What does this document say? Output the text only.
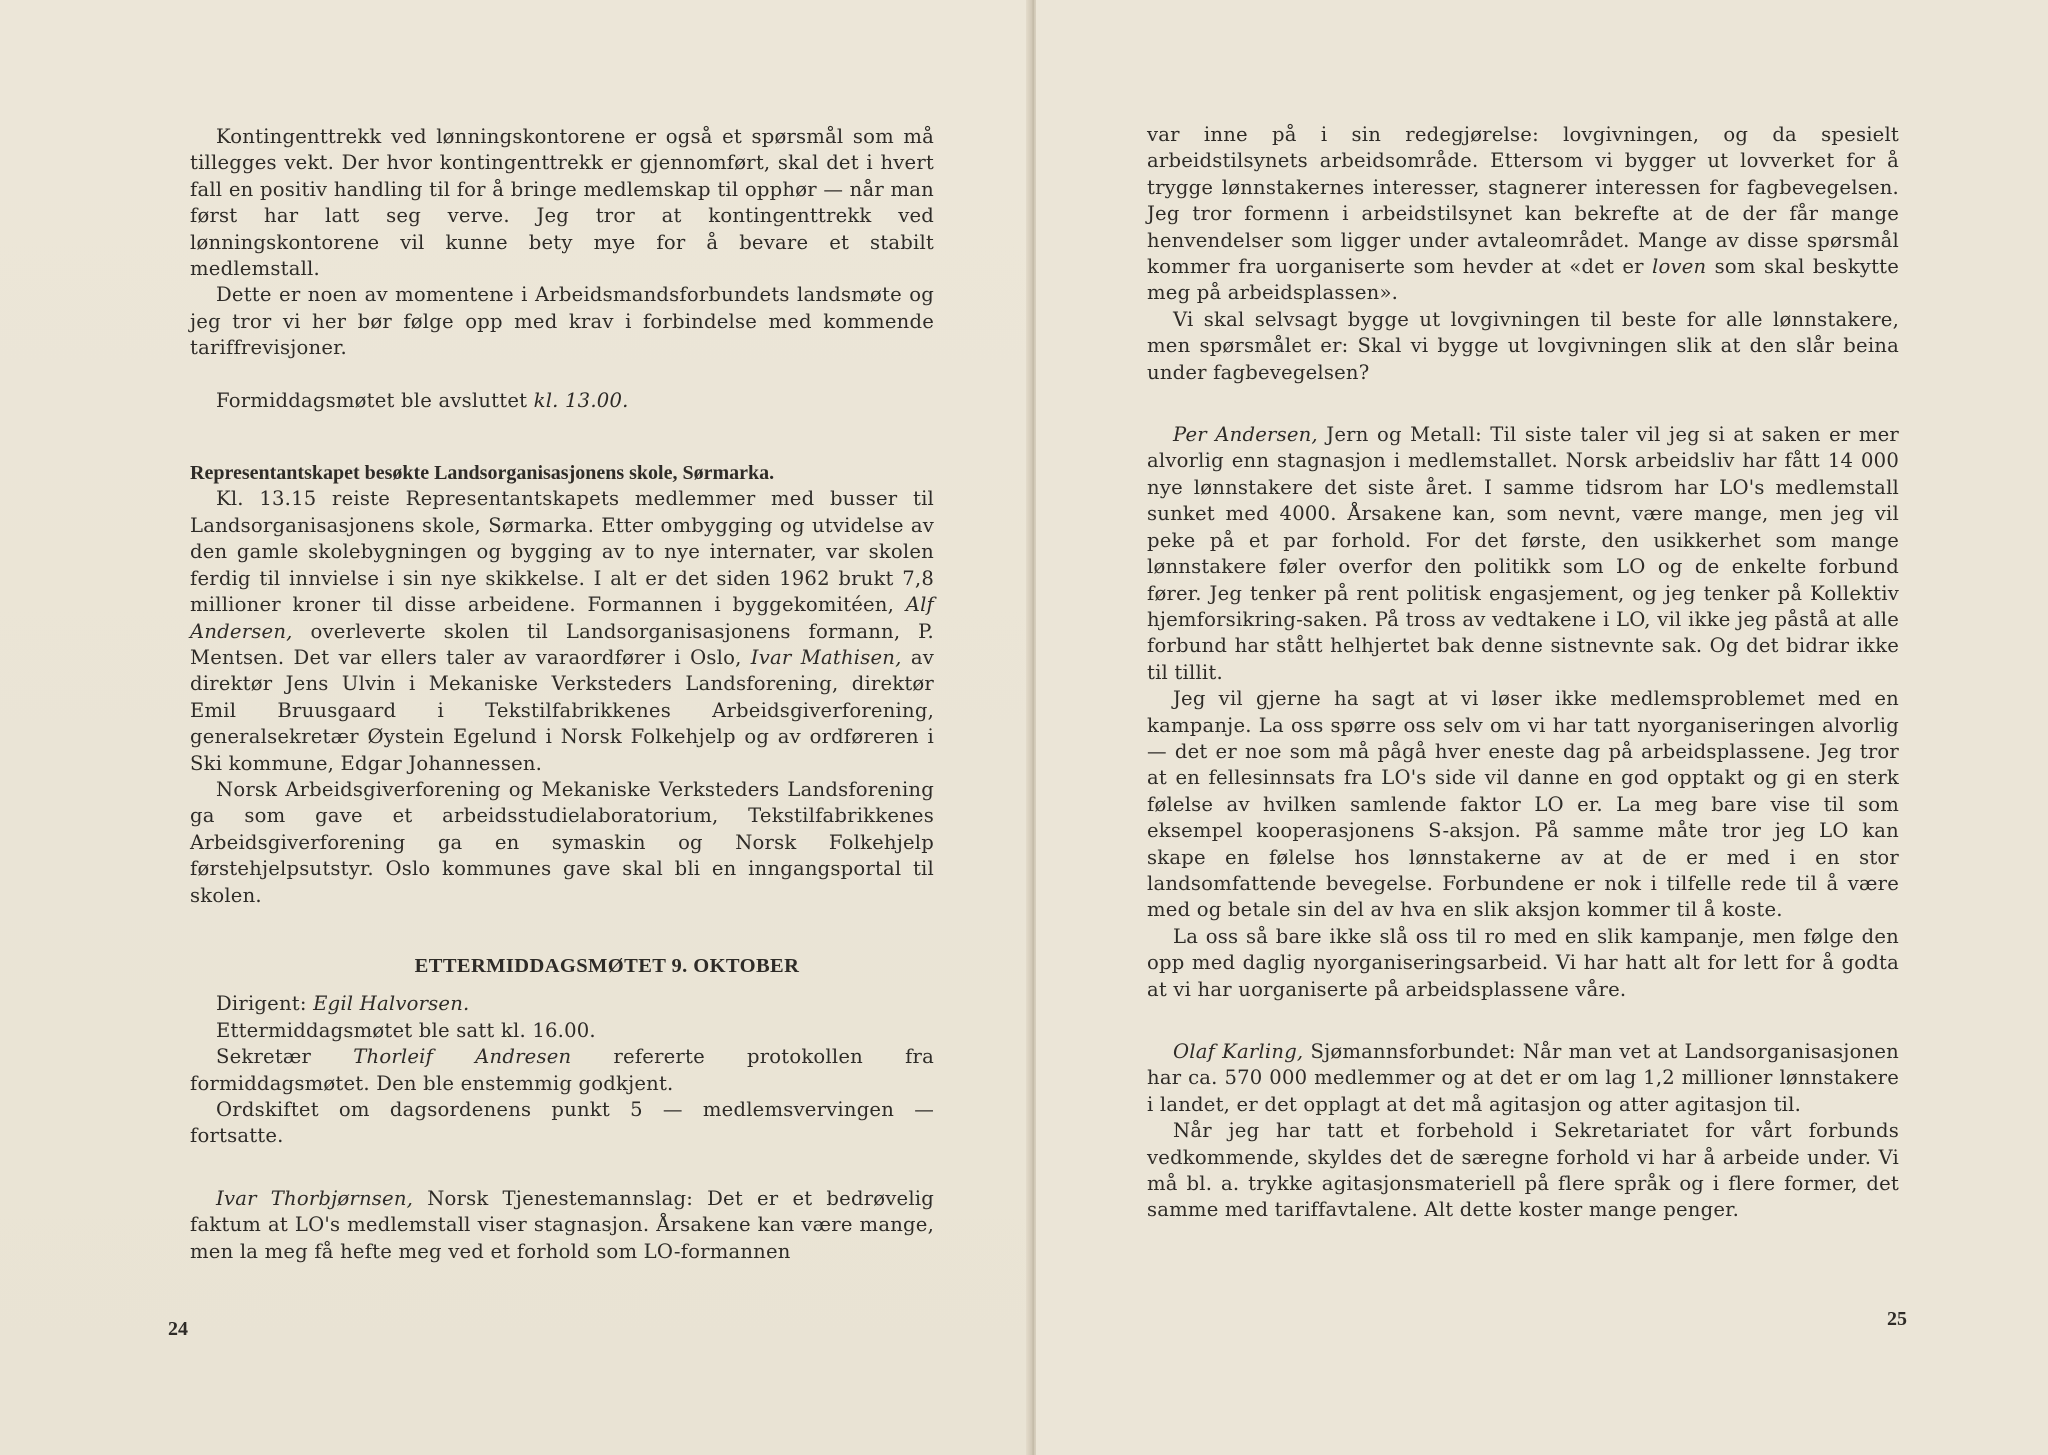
Kontingenttrekk ved lønningskontorene er også et spørsmål som må tillegges vekt. Der hvor kontingenttrekk er gjennomført, skal det i hvert fall en positiv handling til for å bringe medlemskap til opphør — når man først har latt seg verve. Jeg tror at kontingenttrekk ved lønningskontorene vil kunne bety mye for å bevare et stabilt medlemstall.

Dette er noen av momentene i Arbeidsmandsforbundets landsmøte og jeg tror vi her bør følge opp med krav i forbindelse med kommende tariffrevisjoner.

Formiddagsmøtet ble avsluttet kl. 13.00.

Representantskapet besøkte Landsorganisasjonens skole, Sørmarka.

Kl. 13.15 reiste Representantskapets medlemmer med busser til Landsorganisasjonens skole, Sørmarka. Etter ombygging og utvidelse av den gamle skolebygningen og bygging av to nye internater, var skolen ferdig til innvielse i sin nye skikkelse. I alt er det siden 1962 brukt 7,8 millioner kroner til disse arbeidene. Formannen i byggekomitéen, Alf Andersen, overleverte skolen til Landsorganisasjonens formann, P. Mentsen. Det var ellers taler av varaordfører i Oslo, Ivar Mathisen, av direktør Jens Ulvin i Mekaniske Verksteders Landsforening, direktør Emil Bruusgaard i Tekstilfabrikkenes Arbeidsgiverforening, generalsekretær Øystein Egelund i Norsk Folkehjelp og av ordføreren i Ski kommune, Edgar Johannessen.

Norsk Arbeidsgiverforening og Mekaniske Verksteders Landsforening ga som gave et arbeidsstudielaboratorium, Tekstilfabrikkenes Arbeidsgiverforening ga en symaskin og Norsk Folkehjelp førstehjelpsutstyr. Oslo kommunes gave skal bli en inngangsportal til skolen.

ETTERMIDDAGSMØTET 9. OKTOBER

Dirigent: Egil Halvorsen.

Ettermiddagsmøtet ble satt kl. 16.00.

Sekretær Thorleif Andresen refererte protokollen fra formiddagsmøtet. Den ble enstemmig godkjent.

Ordskiftet om dagsordenens punkt 5 — medlemsvervingen — fortsatte.

Ivar Thorbjørnsen, Norsk Tjenestemannslag: Det er et bedrøvelig faktum at LO's medlemstall viser stagnasjon. Årsakene kan være mange, men la meg få hefte meg ved et forhold som LO-formannen

24

var inne på i sin redegjørelse: lovgivningen, og da spesielt arbeidstilsynets arbeidsområde. Ettersom vi bygger ut lovverket for å trygge lønnstakernes interesser, stagnerer interessen for fagbevegelsen. Jeg tror formenn i arbeidstilsynet kan bekrefte at de der får mange henvendelser som ligger under avtaleområdet. Mange av disse spørsmål kommer fra uorganiserte som hevder at «det er loven som skal beskytte meg på arbeidsplassen».

Vi skal selvsagt bygge ut lovgivningen til beste for alle lønnstakere, men spørsmålet er: Skal vi bygge ut lovgivningen slik at den slår beina under fagbevegelsen?

Per Andersen, Jern og Metall: Til siste taler vil jeg si at saken er mer alvorlig enn stagnasjon i medlemstallet. Norsk arbeidsliv har fått 14 000 nye lønnstakere det siste året. I samme tidsrom har LO's medlemstall sunket med 4000. Årsakene kan, som nevnt, være mange, men jeg vil peke på et par forhold. For det første, den usikkerhet som mange lønnstakere føler overfor den politikk som LO og de enkelte forbund fører. Jeg tenker på rent politisk engasjement, og jeg tenker på Kollektiv hjemforsikring-saken. På tross av vedtakene i LO, vil ikke jeg påstå at alle forbund har stått helhjertet bak denne sistnevnte sak. Og det bidrar ikke til tillit.

Jeg vil gjerne ha sagt at vi løser ikke medlemsproblemet med en kampanje. La oss spørre oss selv om vi har tatt nyorganiseringen alvorlig — det er noe som må pågå hver eneste dag på arbeidsplassene. Jeg tror at en fellesinnsats fra LO's side vil danne en god opptakt og gi en sterk følelse av hvilken samlende faktor LO er. La meg bare vise til som eksempel kooperasjonens S-aksjon. På samme måte tror jeg LO kan skape en følelse hos lønnstakerne av at de er med i en stor landsomfattende bevegelse. Forbundene er nok i tilfelle rede til å være med og betale sin del av hva en slik aksjon kommer til å koste.

La oss så bare ikke slå oss til ro med en slik kampanje, men følge den opp med daglig nyorganiseringsarbeid. Vi har hatt alt for lett for å godta at vi har uorganiserte på arbeidsplassene våre.

Olaf Karling, Sjømannsforbundet: Når man vet at Landsorganisasjonen har ca. 570 000 medlemmer og at det er om lag 1,2 millioner lønnstakere i landet, er det opplagt at det må agitasjon og atter agitasjon til.

Når jeg har tatt et forbehold i Sekretariatet for vårt forbunds vedkommende, skyldes det de særegne forhold vi har å arbeide under. Vi må bl. a. trykke agitasjonsmateriell på flere språk og i flere former, det samme med tariffavtalene. Alt dette koster mange penger.

25
